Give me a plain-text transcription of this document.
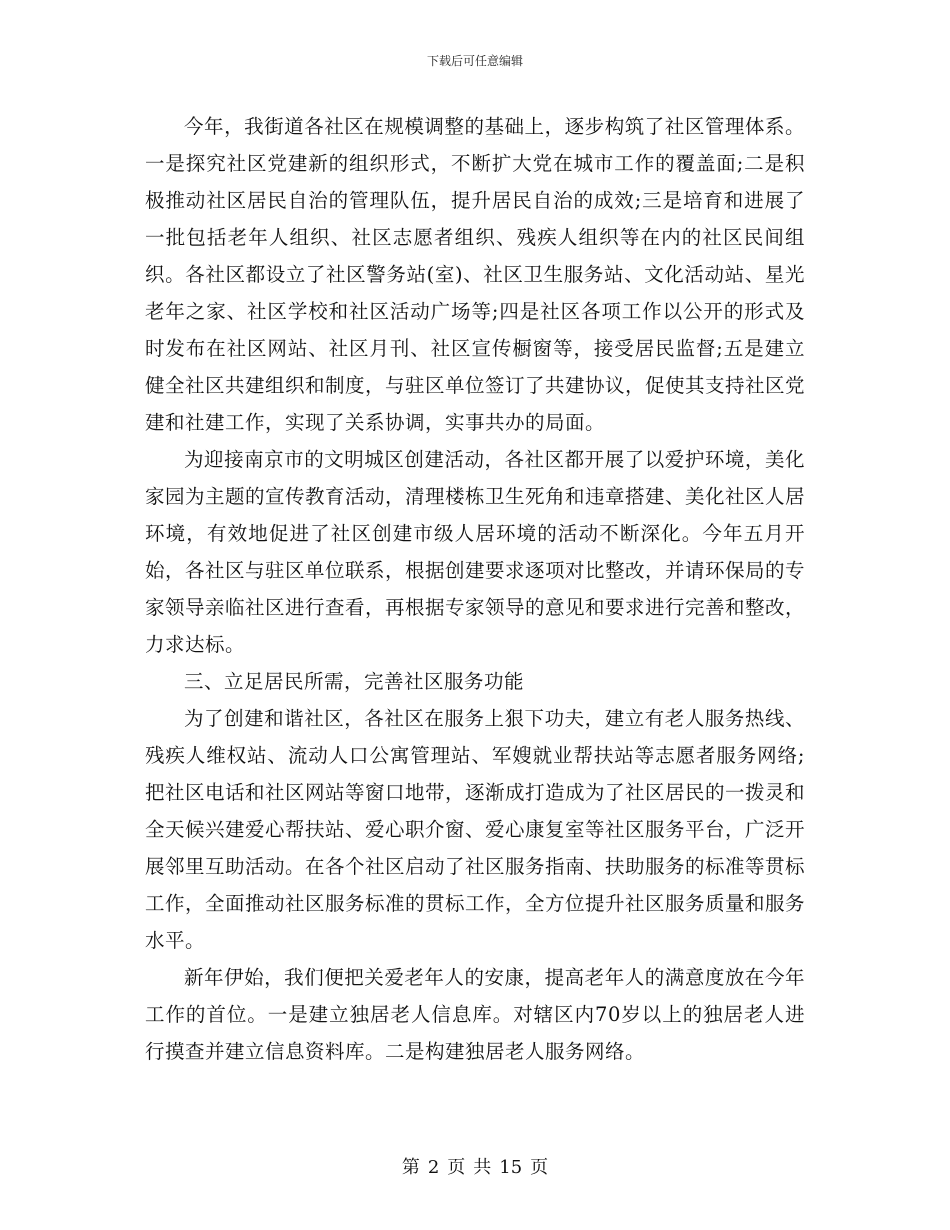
下载后可任意编辑

今年，我街道各社区在规模调整的基础上，逐步构筑了社区管理体系。一是探究社区党建新的组织形式，不断扩大党在城市工作的覆盖面;二是积极推动社区居民自治的管理队伍，提升居民自治的成效;三是培育和进展了一批包括老年人组织、社区志愿者组织、残疾人组织等在内的社区民间组织。各社区都设立了社区警务站(室)、社区卫生服务站、文化活动站、星光老年之家、社区学校和社区活动广场等;四是社区各项工作以公开的形式及时发布在社区网站、社区月刊、社区宣传橱窗等，接受居民监督;五是建立健全社区共建组织和制度，与驻区单位签订了共建协议，促使其支持社区党建和社建工作，实现了关系协调，实事共办的局面。

为迎接南京市的文明城区创建活动，各社区都开展了以爱护环境，美化家园为主题的宣传教育活动，清理楼栋卫生死角和违章搭建、美化社区人居环境，有效地促进了社区创建市级人居环境的活动不断深化。今年五月开始，各社区与驻区单位联系，根据创建要求逐项对比整改，并请环保局的专家领导亲临社区进行查看，再根据专家领导的意见和要求进行完善和整改，力求达标。

三、立足居民所需，完善社区服务功能

为了创建和谐社区，各社区在服务上狠下功夫，建立有老人服务热线、残疾人维权站、流动人口公寓管理站、军嫂就业帮扶站等志愿者服务网络;把社区电话和社区网站等窗口地带，逐渐成打造成为了社区居民的一拨灵和全天候兴建爱心帮扶站、爱心职介窗、爱心康复室等社区服务平台，广泛开展邻里互助活动。在各个社区启动了社区服务指南、扶助服务的标准等贯标工作，全面推动社区服务标准的贯标工作，全方位提升社区服务质量和服务水平。

新年伊始，我们便把关爱老年人的安康，提高老年人的满意度放在今年工作的首位。一是建立独居老人信息库。对辖区内70岁以上的独居老人进行摸查并建立信息资料库。二是构建独居老人服务网络。

第 2 页 共 15 页
